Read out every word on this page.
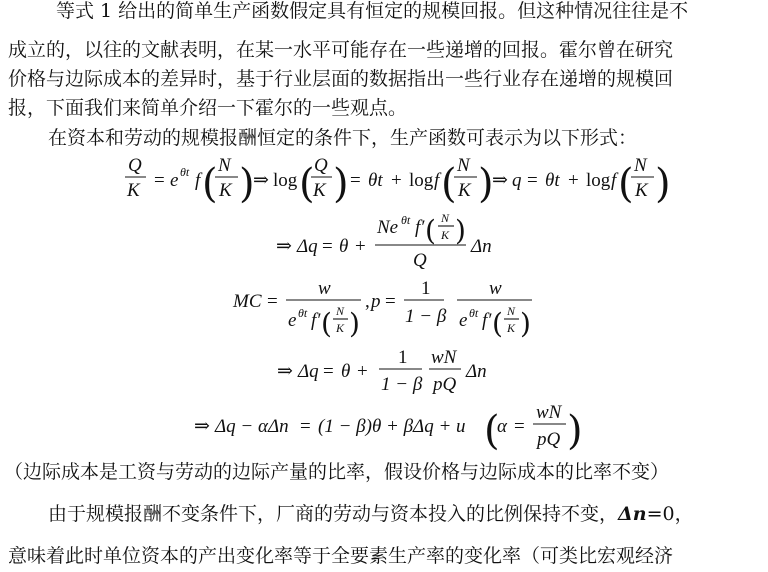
等式 1 给出的简单生产函数假定具有恒定的规模回报。但这种情况往往是不

成立的，以往的文献表明，在某一水平可能存在一些递增的回报。霍尔曾在研究

价格与边际成本的差异时，基于行业层面的数据指出一些行业存在递增的规模回

报，下面我们来简单介绍一下霍尔的一些观点。

在资本和劳动的规模报酬恒定的条件下，生产函数可表示为以下形式：

（边际成本是工资与劳动的边际产量的比率，假设价格与边际成本的比率不变）

由于规模报酬不变条件下，厂商的劳动与资本投入的比例保持不变，Δn=0，

意味着此时单位资本的产出变化率等于全要素生产率的变化率（可类比宏观经济

Q
K = e θt f ( N
K )
⇒ log ( Q
K ) = θt + log f ( N
K )
⇒ q = θt + log f ( N
K )
⇒ Δq = θ +
Ne θt f′ ( N
K )
Q
Δn
MC =
w
e θt f′ ( N
K )
, p =
1
1 − β
w
e θt f′ ( N
K )
⇒ Δq = θ +
1
1 − β
wN
pQ
Δn
⇒ Δq − αΔn = (1 − β)θ + βΔq + u (
α =
wN
pQ )
